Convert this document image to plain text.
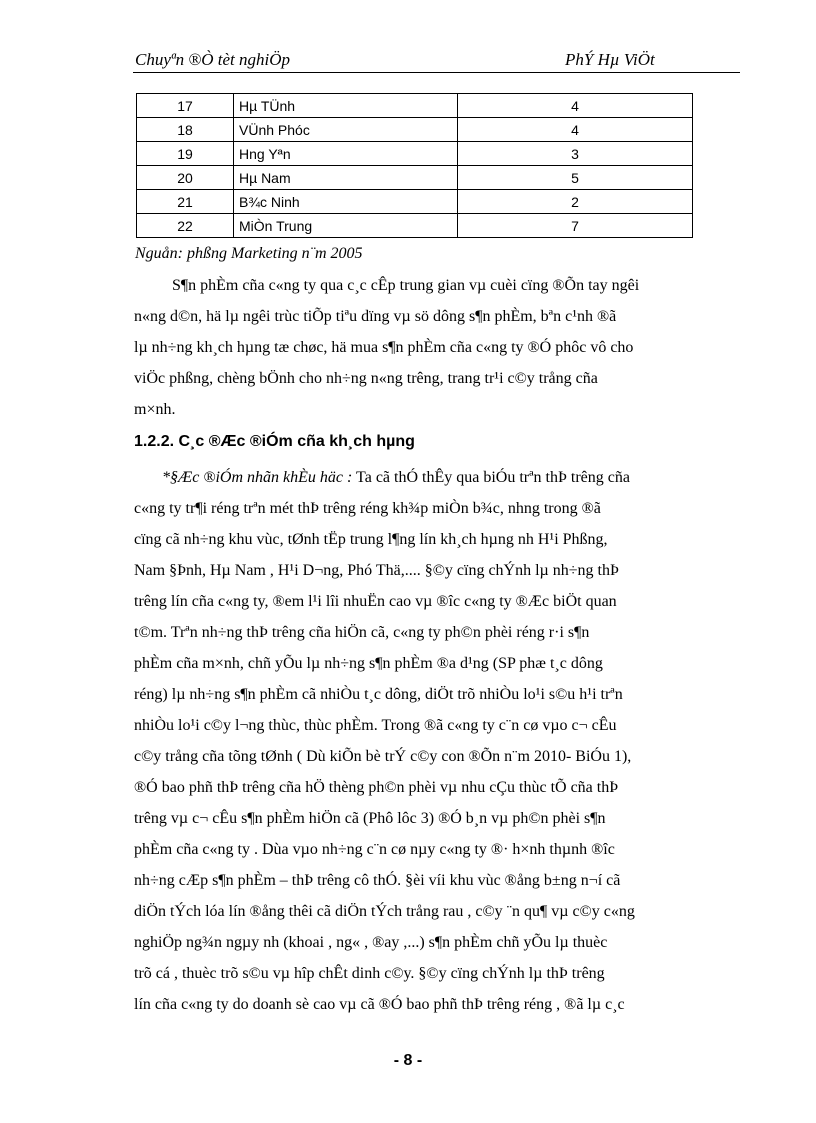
Chuyªn ®Ò tèt nghiÖp	PhÝ Hµ ViÖt
17	Hµ TÜnh	4
18	VÜnh Phóc	4
19	Hng Yªn	3
20	Hµ Nam	5
21	B¾c Ninh	2
22	MiÒn Trung	7
Nguån: phßng Marketing n¨m 2005
S¶n phÈm cña c«ng ty qua c¸c cÊp trung gian vµ cuèi cïng ®Õn tay ngêi
n«ng d©n, hä lµ ngêi trùc tiÕp tiªu dïng vµ sö dông s¶n phÈm, bªn c¹nh ®ã
lµ nh÷ng kh¸ch hµng tæ chøc, hä mua s¶n phÈm cña c«ng ty ®Ó phôc vô cho
viÖc phßng, chèng bÖnh cho nh÷ng n«ng trêng, trang tr¹i c©y trång cña
m×nh.
1.2.2. C¸c ®Æc ®iÓm cña kh¸ch hµng
*§Æc ®iÓm nhãn khÈu häc : Ta cã thÓ thÊy qua biÓu trªn thÞ trêng cña
c«ng ty tr¶i réng trªn mét thÞ trêng réng kh¾p miÒn b¾c, nhng trong ®ã
cïng cã nh÷ng khu vùc, tØnh tËp trung l¶ng lín kh¸ch hµng nh H¹i Phßng,
Nam §Þnh, Hµ Nam , H¹i D¬ng, Phó Thä,.... §©y cïng chÝnh lµ nh÷ng thÞ
trêng lín cña c«ng ty, ®em l¹i lîi nhuËn cao vµ ®îc c«ng ty ®Æc biÖt quan
t©m. Trªn nh÷ng thÞ trêng cña hiÖn cã, c«ng ty ph©n phèi réng r·i s¶n
phÈm cña m×nh, chñ yÕu lµ nh÷ng s¶n phÈm ®a d¹ng (SP phæ t¸c dông
réng) lµ nh÷ng s¶n phÈm cã nhiÒu t¸c dông, diÖt trõ nhiÒu lo¹i s©u h¹i trªn
nhiÒu lo¹i c©y l¬ng thùc, thùc phÈm. Trong ®ã c«ng ty c¨n cø vµo c¬ cÊu
c©y trång cña tõng tØnh ( Dù kiÕn bè trÝ c©y con ®Õn n¨m 2010- BiÓu 1),
®Ó bao phñ thÞ trêng cña hÖ thèng ph©n phèi vµ nhu cÇu thùc tÕ cña thÞ
trêng vµ c¬ cÊu s¶n phÈm hiÖn cã (Phô lôc 3) ®Ó b¸n vµ ph©n phèi s¶n
phÈm cña c«ng ty . Dùa vµo nh÷ng c¨n cø nµy c«ng ty ®· h×nh thµnh ®îc
nh÷ng cÆp s¶n phÈm – thÞ trêng cô thÓ. §èi víi khu vùc ®ång b±ng n¬í cã
diÖn tÝch lóa lín ®ång thêi cã diÖn tÝch trång rau , c©y ¨n qu¶ vµ c©y c«ng
nghiÖp ng¾n ngµy nh (khoai , ng« , ®ay ,...) s¶n phÈm chñ yÕu lµ thuèc
trõ cá , thuèc trõ s©u vµ hîp chÊt dinh c©y. §©y cïng chÝnh lµ thÞ trêng
lín cña c«ng ty do doanh sè cao vµ cã ®Ó bao phñ thÞ trêng réng , ®ã lµ c¸c
- 8 -
